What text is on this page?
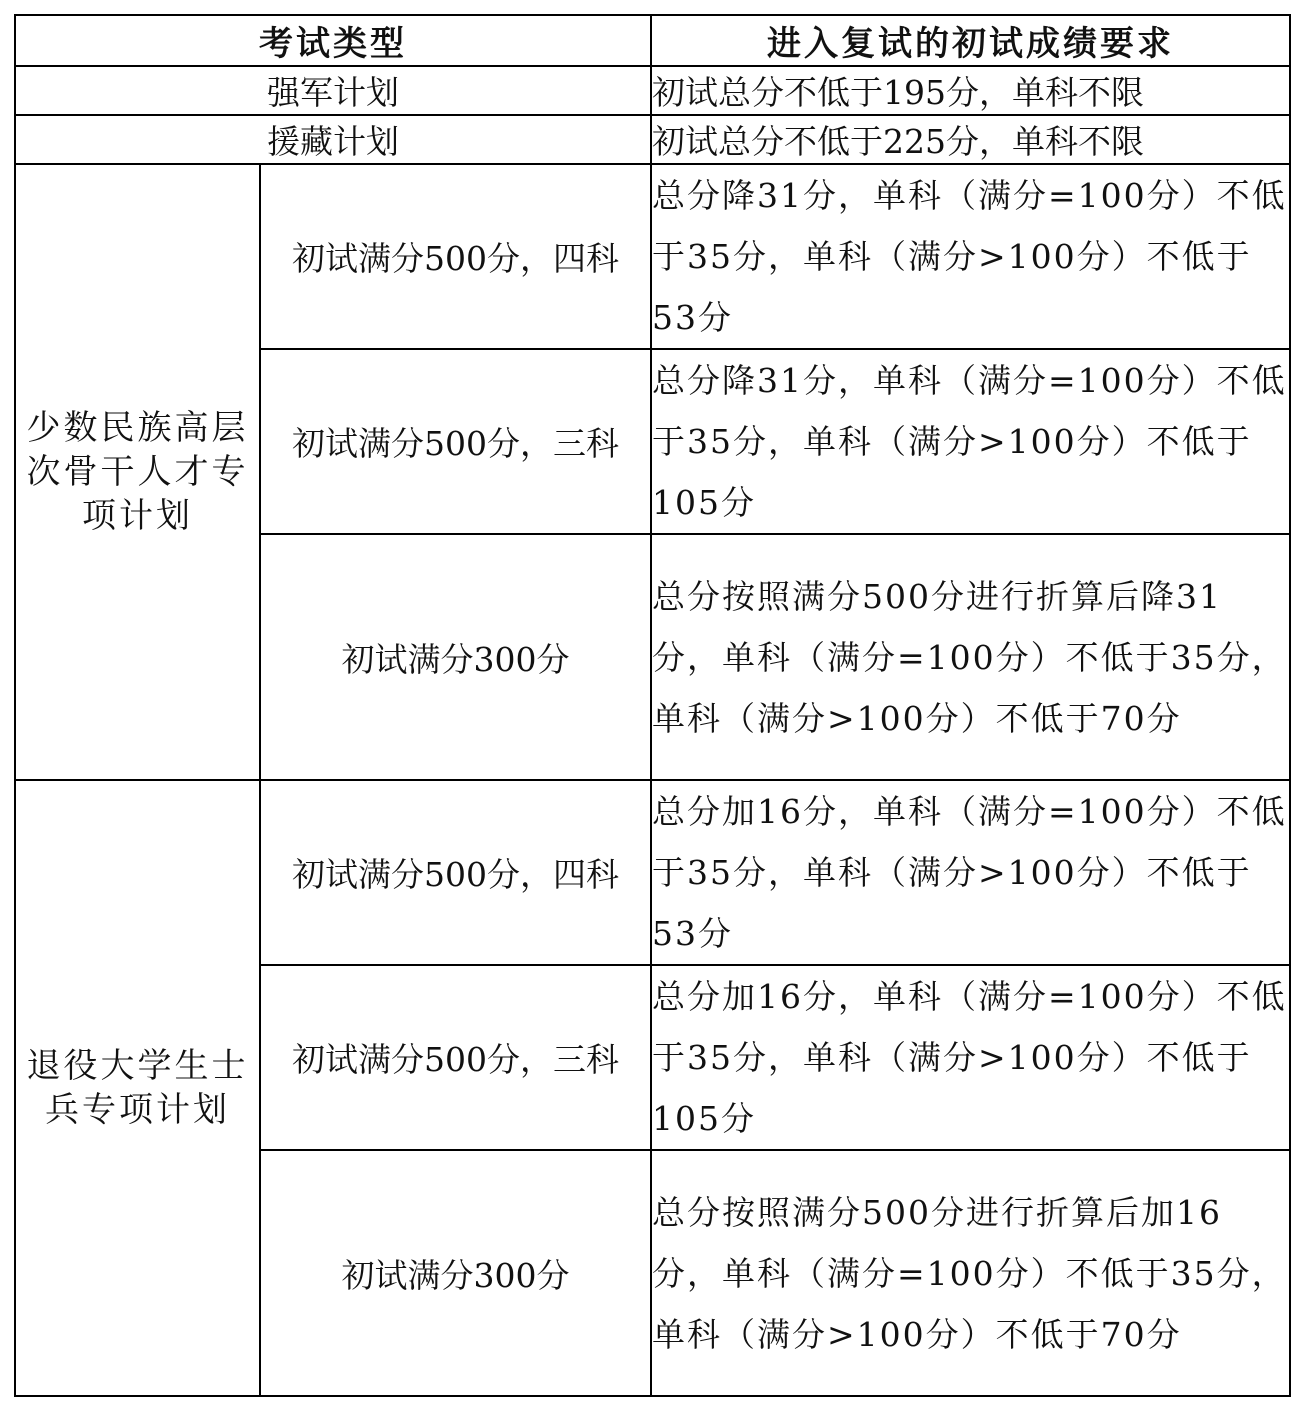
考试类型		进入复试的初试成绩要求
强军计划		初试总分不低于195分，单科不限
援藏计划		初试总分不低于225分，单科不限
少数民族高层次骨干人才专项计划	初试满分500分，四科	总分降31分，单科（满分=100分）不低于35分，单科（满分>100分）不低于53分
	初试满分500分，三科	总分降31分，单科（满分=100分）不低于35分，单科（满分>100分）不低于105分
	初试满分300分	总分按照满分500分进行折算后降31分，单科（满分=100分）不低于35分，单科（满分>100分）不低于70分
退役大学生士兵专项计划	初试满分500分，四科	总分加16分，单科（满分=100分）不低于35分，单科（满分>100分）不低于53分
	初试满分500分，三科	总分加16分，单科（满分=100分）不低于35分，单科（满分>100分）不低于105分
	初试满分300分	总分按照满分500分进行折算后加16分，单科（满分=100分）不低于35分，单科（满分>100分）不低于70分
